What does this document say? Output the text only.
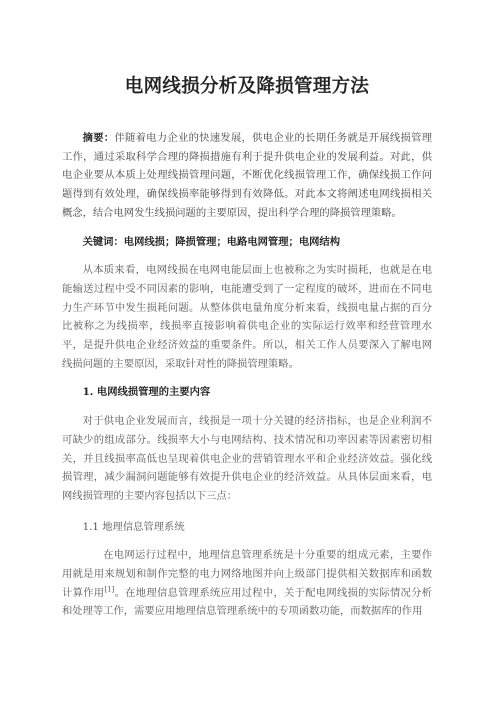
电网线损分析及降损管理方法
摘要：伴随着电力企业的快速发展，供电企业的长期任务就是开展线损管理工作，通过采取科学合理的降损措施有利于提升供电企业的发展利益。对此，供电企业要从本质上处理线损管理问题，不断优化线损管理工作，确保线损工作问题得到有效处理，确保线损率能够得到有效降低。对此本文将阐述电网线损相关概念，结合电网发生线损问题的主要原因，提出科学合理的降损管理策略。
关键词：电网线损；降损管理；电路电网管理；电网结构
从本质来看，电网线损在电网电能层面上也被称之为实时损耗，也就是在电能输送过程中受不同因素的影响，电能遭受到了一定程度的破坏，进而在不同电力生产环节中发生损耗问题。从整体供电量角度分析来看，线损电量占据的百分比被称之为线损率，线损率直接影响着供电企业的实际运行效率和经营管理水平，是提升供电企业经济效益的重要条件。所以，相关工作人员要深入了解电网线损问题的主要原因，采取针对性的降损管理策略。
1. 电网线损管理的主要内容
对于供电企业发展而言，线损是一项十分关键的经济指标，也是企业利润不可缺少的组成部分。线损率大小与电网结构、技术情况和功率因素等因素密切相关，并且线损率高低也呈现着供电企业的营销管理水平和企业经济效益。强化线损管理，减少漏洞问题能够有效提升供电企业的经济效益。从具体层面来看，电网线损管理的主要内容包括以下三点：
1.1 地理信息管理系统
在电网运行过程中，地理信息管理系统是十分重要的组成元素，主要作用就是用来规划和制作完整的电力网络地图并向上级部门提供相关数据库和函数计算作用[1]。在地理信息管理系统应用过程中，关于配电网线损的实际情况分析和处理等工作，需要应用地理信息管理系统中的专项函数功能，而数据库的作用
